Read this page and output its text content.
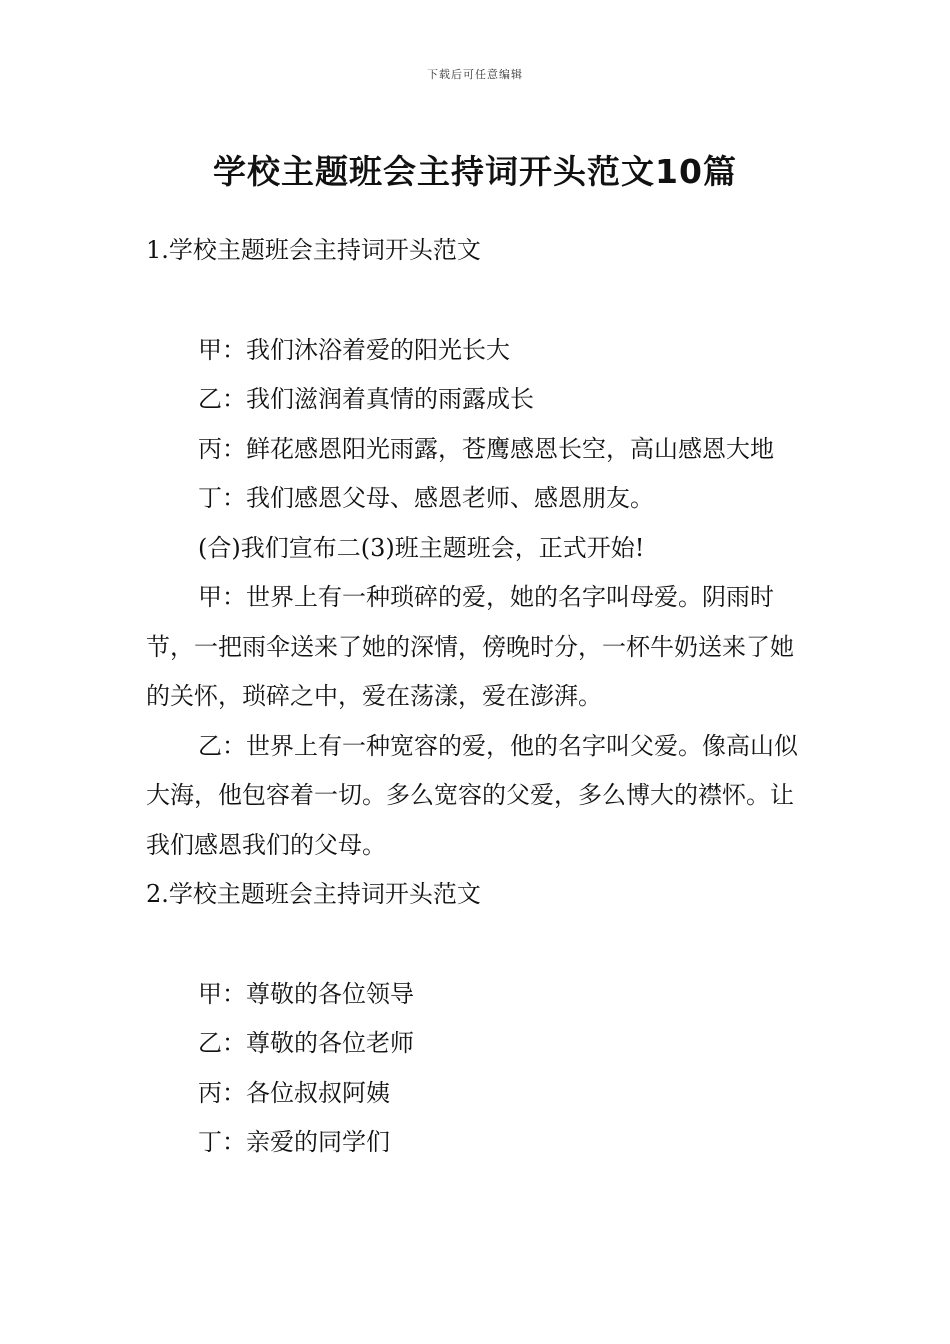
下载后可任意编辑
学校主题班会主持词开头范文10篇

1.学校主题班会主持词开头范文

甲：我们沐浴着爱的阳光长大

乙：我们滋润着真情的雨露成长

丙：鲜花感恩阳光雨露，苍鹰感恩长空，高山感恩大地

丁：我们感恩父母、感恩老师、感恩朋友。

(合)我们宣布二(3)班主题班会，正式开始!

甲：世界上有一种琐碎的爱，她的名字叫母爱。阴雨时节，一把雨伞送来了她的深情，傍晚时分，一杯牛奶送来了她的关怀，琐碎之中，爱在荡漾，爱在澎湃。

乙：世界上有一种宽容的爱，他的名字叫父爱。像高山似大海，他包容着一切。多么宽容的父爱，多么博大的襟怀。让我们感恩我们的父母。

2.学校主题班会主持词开头范文

甲：尊敬的各位领导

乙：尊敬的各位老师

丙：各位叔叔阿姨

丁：亲爱的同学们
